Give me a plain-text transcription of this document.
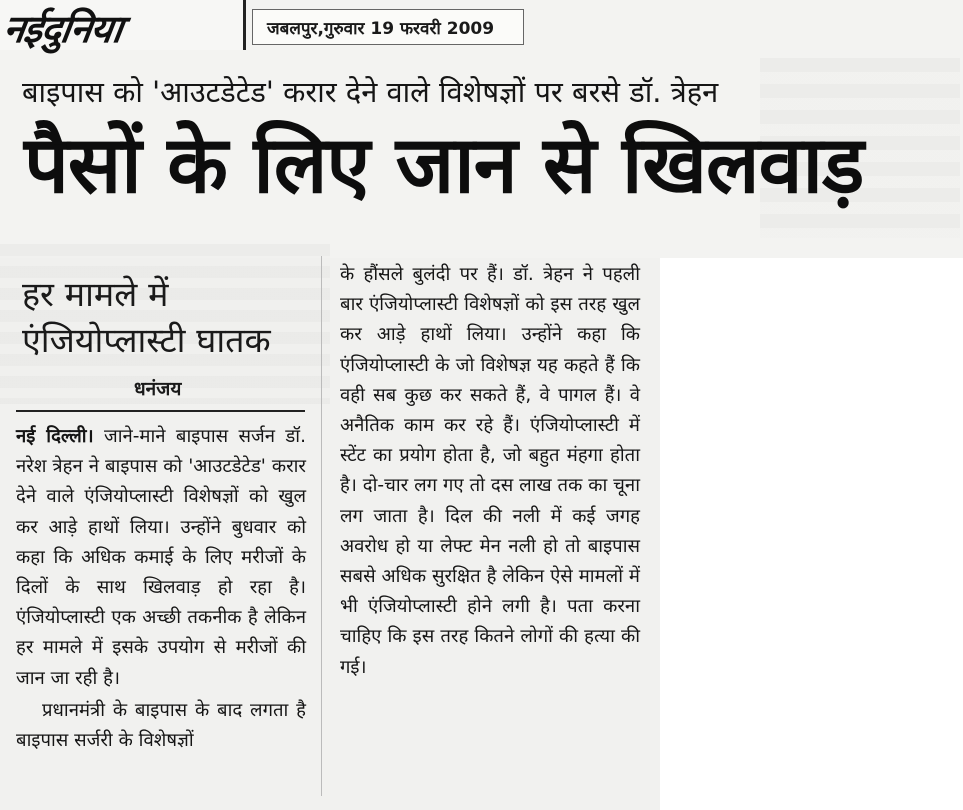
नईदुनिया	जबलपुर,गुरुवार 19 फरवरी 2009
बाइपास को 'आउटडेटेड' करार देने वाले विशेषज्ञों पर बरसे डॉ. त्रेहन
पैसों के लिए जान से खिलवाड़
हर मामले में
एंजियोप्लास्टी घातक
धनंजय

नई दिल्ली। जाने-माने बाइपास सर्जन डॉ. नरेश त्रेहन ने बाइपास को 'आउटडेटेड' करार देने वाले एंजियोप्लास्टी विशेषज्ञों को खुल कर आड़े हाथों लिया। उन्होंने बुधवार को कहा कि अधिक कमाई के लिए मरीजों के दिलों के साथ खिलवाड़ हो रहा है। एंजियोप्लास्टी एक अच्छी तकनीक है लेकिन हर मामले में इसके उपयोग से मरीजों की जान जा रही है।

प्रधानमंत्री के बाइपास के बाद लगता है बाइपास सर्जरी के विशेषज्ञों

के हौंसले बुलंदी पर हैं। डॉ. त्रेहन ने पहली बार एंजियोप्लास्टी विशेषज्ञों को इस तरह खुल कर आड़े हाथों लिया। उन्होंने कहा कि एंजियोप्लास्टी के जो विशेषज्ञ यह कहते हैं कि वही सब कुछ कर सकते हैं, वे पागल हैं। वे अनैतिक काम कर रहे हैं। एंजियोप्लास्टी में स्टेंट का प्रयोग होता है, जो बहुत मंहगा होता है। दो-चार लग गए तो दस लाख तक का चूना लग जाता है। दिल की नली में कई जगह अवरोध हो या लेफ्ट मेन नली हो तो बाइपास सबसे अधिक सुरक्षित है लेकिन ऐसे मामलों में भी एंजियोप्लास्टी होने लगी है। पता करना चाहिए कि इस तरह कितने लोगों की हत्या की गई।
